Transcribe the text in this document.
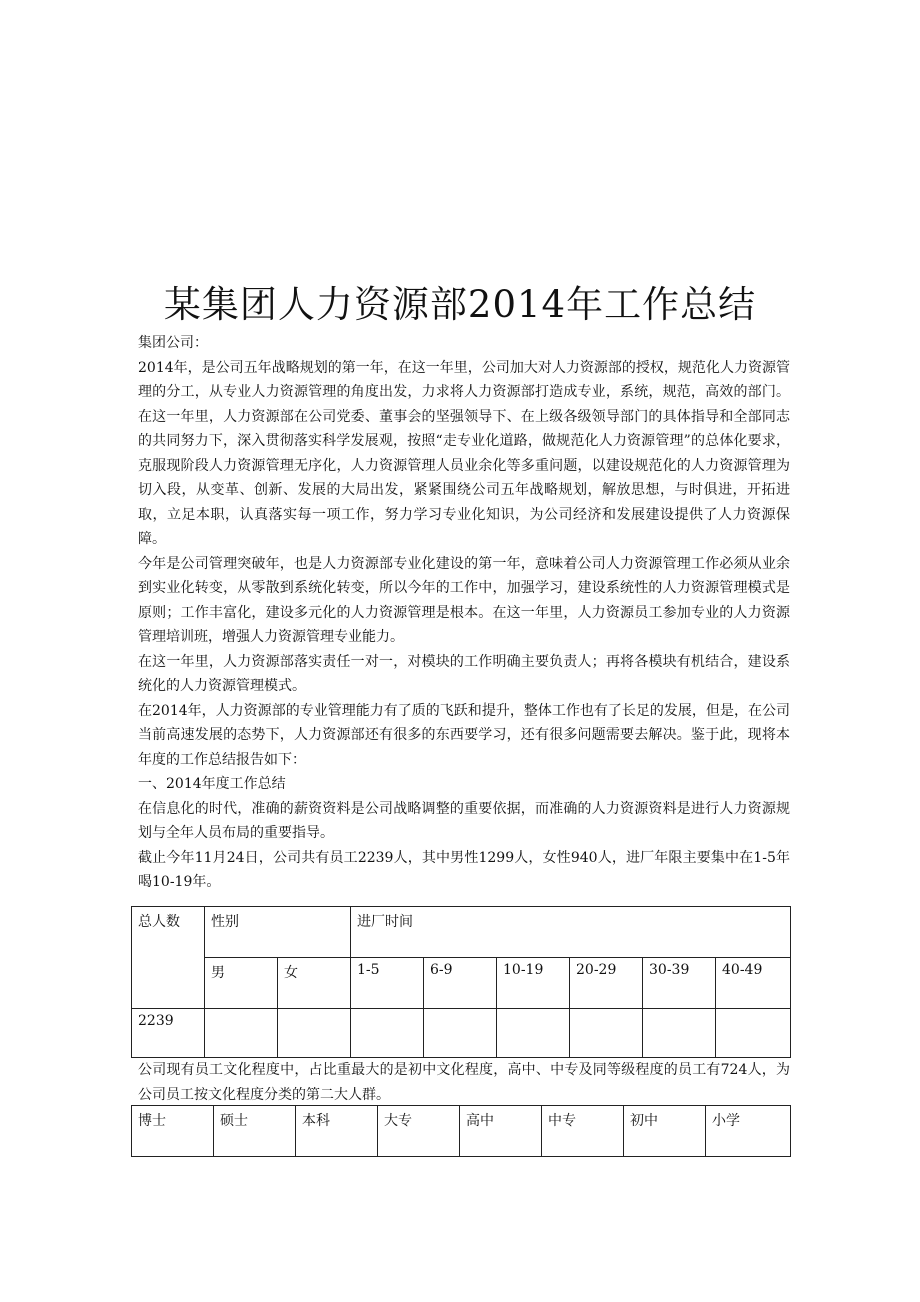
某集团人力资源部2014年工作总结

集团公司：

2014年，是公司五年战略规划的第一年，在这一年里，公司加大对人力资源部的授权，规范化人力资源管理的分工，从专业人力资源管理的角度出发，力求将人力资源部打造成专业，系统，规范，高效的部门。在这一年里，人力资源部在公司党委、董事会的坚强领导下、在上级各级领导部门的具体指导和全部同志的共同努力下，深入贯彻落实科学发展观，按照“走专业化道路，做规范化人力资源管理”的总体化要求，克服现阶段人力资源管理无序化，人力资源管理人员业余化等多重问题，以建设规范化的人力资源管理为切入段，从变革、创新、发展的大局出发，紧紧围绕公司五年战略规划，解放思想，与时俱进，开拓进取，立足本职，认真落实每一项工作，努力学习专业化知识，为公司经济和发展建设提供了人力资源保障。

今年是公司管理突破年，也是人力资源部专业化建设的第一年，意味着公司人力资源管理工作必须从业余到实业化转变，从零散到系统化转变，所以今年的工作中，加强学习，建设系统性的人力资源管理模式是原则；工作丰富化，建设多元化的人力资源管理是根本。在这一年里，人力资源员工参加专业的人力资源管理培训班，增强人力资源管理专业能力。

在这一年里，人力资源部落实责任一对一，对模块的工作明确主要负责人；再将各模块有机结合，建设系统化的人力资源管理模式。

在2014年，人力资源部的专业管理能力有了质的飞跃和提升，整体工作也有了长足的发展，但是，在公司当前高速发展的态势下，人力资源部还有很多的东西要学习，还有很多问题需要去解决。鉴于此，现将本年度的工作总结报告如下：

一、2014年度工作总结

在信息化的时代，准确的薪资资料是公司战略调整的重要依据，而准确的人力资源资料是进行人力资源规划与全年人员布局的重要指导。

截止今年11月24日，公司共有员工2239人，其中男性1299人，女性940人，进厂年限主要集中在1-5年喝10-19年。

总人数	性别		进厂时间					
	男	女	1-5	6-9	10-19	20-29	30-39	40-49
2239								

公司现有员工文化程度中，占比重最大的是初中文化程度，高中、中专及同等级程度的员工有724人，为公司员工按文化程度分类的第二大人群。

博士	硕士	本科	大专	高中	中专	初中	小学
